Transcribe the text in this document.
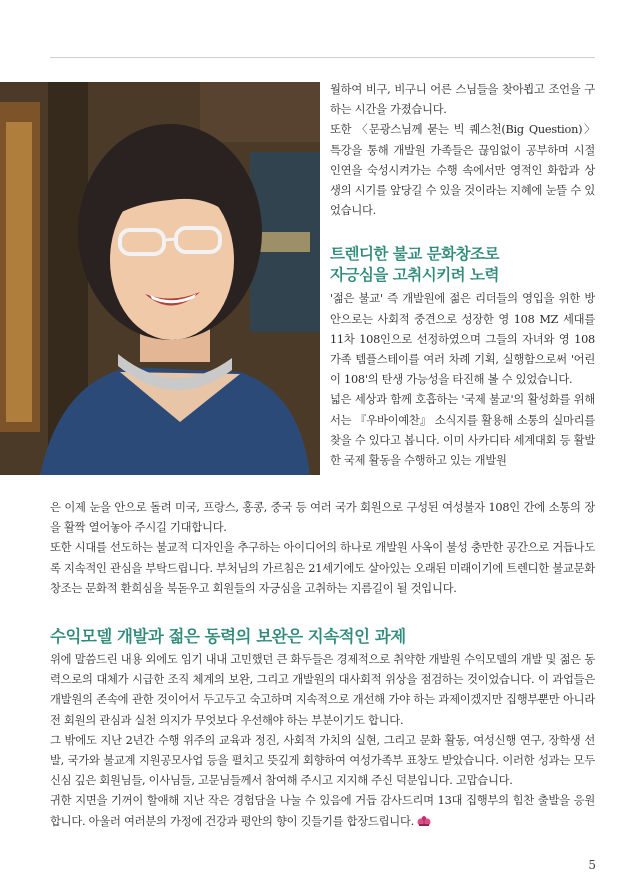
월하여 비구, 비구니 어른 스님들을 찾아뵙고 조언을 구하는 시간을 가졌습니다.

또한 〈문광스님께 묻는 빅 퀘스천(Big Question)〉 특강을 통해 개발원 가족들은 끊임없이 공부하며 시절인연을 숙성시켜가는 수행 속에서만 영적인 화합과 상생의 시기를 앞당길 수 있을 것이라는 지혜에 눈뜰 수 있었습니다.

트렌디한 불교 문화창조로
자긍심을 고취시키려 노력

'젊은 불교' 즉 개발원에 젊은 리더들의 영입을 위한 방안으로는 사회적 중견으로 성장한 영 108 MZ 세대를 11차 108인으로 선정하였으며 그들의 자녀와 영 108가족 템플스테이를 여러 차례 기획, 실행함으로써 '어린이 108'의 탄생 가능성을 타진해 볼 수 있었습니다.

넓은 세상과 함께 호흡하는 '국제 불교'의 활성화를 위해서는 『우바이예찬』 소식지를 활용해 소통의 실마리를 찾을 수 있다고 봅니다. 이미 사카디타 세계대회 등 활발한 국제 활동을 수행하고 있는 개발원

은 이제 눈을 안으로 돌려 미국, 프랑스, 홍콩, 중국 등 여러 국가 회원으로 구성된 여성불자 108인 간에 소통의 장을 활짝 열어놓아 주시길 기대합니다.

또한 시대를 선도하는 불교적 디자인을 추구하는 아이디어의 하나로 개발원 사옥이 불성 충만한 공간으로 거듭나도록 지속적인 관심을 부탁드립니다. 부처님의 가르침은 21세기에도 살아있는 오래된 미래이기에 트렌디한 불교문화 창조는 문화적 환희심을 북돋우고 회원들의 자긍심을 고취하는 지름길이 될 것입니다.

수익모델 개발과 젊은 동력의 보완은 지속적인 과제

위에 말씀드린 내용 외에도 임기 내내 고민했던 큰 화두들은 경제적으로 취약한 개발원 수익모델의 개발 및 젊은 동력으로의 대체가 시급한 조직 체계의 보완, 그리고 개발원의 대사회적 위상을 점검하는 것이었습니다. 이 과업들은 개발원의 존속에 관한 것이어서 두고두고 숙고하며 지속적으로 개선해 가야 하는 과제이겠지만 집행부뿐만 아니라 전 회원의 관심과 실천 의지가 무엇보다 우선해야 하는 부분이기도 합니다.

그 밖에도 지난 2년간 수행 위주의 교육과 정진, 사회적 가치의 실현, 그리고 문화 활동, 여성신행 연구, 장학생 선발, 국가와 불교계 지원공모사업 등을 펼치고 뜻깊게 회향하여 여성가족부 표창도 받았습니다. 이러한 성과는 모두 신심 깊은 회원님들, 이사님들, 고문님들께서 참여해 주시고 지지해 주신 덕분입니다. 고맙습니다.

귀한 지면을 기꺼이 할애해 지난 작은 경험담을 나눌 수 있음에 거듭 감사드리며 13대 집행부의 힘찬 출발을 응원합니다. 아울러 여러분의 가정에 건강과 평안의 향이 깃들기를 합장드립니다.

5
